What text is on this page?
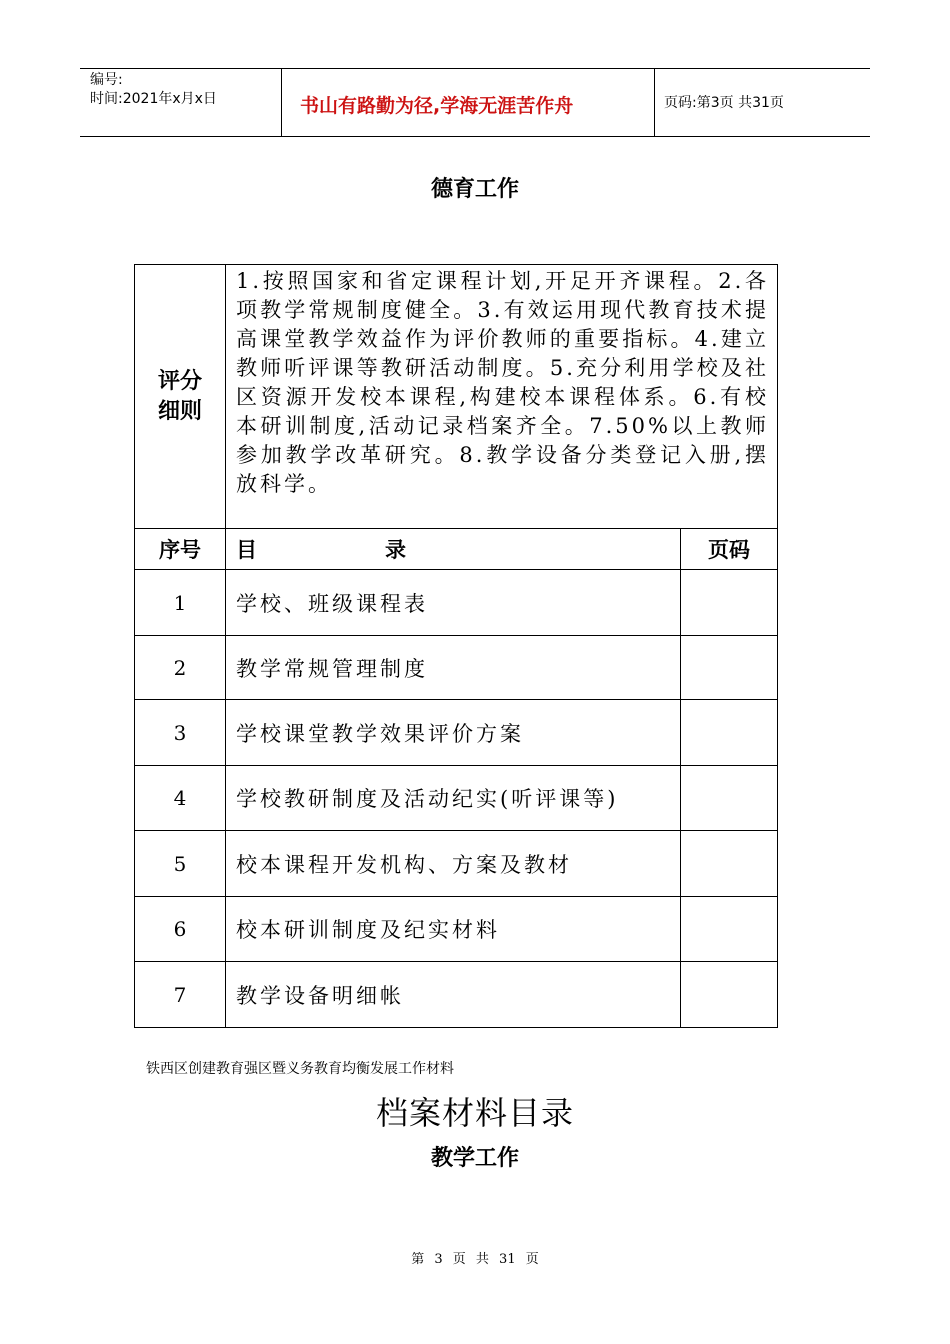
编号:
时间:2021年x月x日	书山有路勤为径,学海无涯苦作舟	页码:第3页 共31页
德育工作
评分
细则	1.按照国家和省定课程计划,开足开齐课程。2.各项教学常规制度健全。3.有效运用现代教育技术提高课堂教学效益作为评价教师的重要指标。4.建立教师听评课等教研活动制度。5.充分利用学校及社区资源开发校本课程,构建校本课程体系。6.有校本研训制度,活动记录档案齐全。7.50%以上教师参加教学改革研究。8.教学设备分类登记入册,摆放科学。	
序号	目 录	页码
1	学校、班级课程表	
2	教学常规管理制度	
3	学校课堂教学效果评价方案	
4	学校教研制度及活动纪实(听评课等)	
5	校本课程开发机构、方案及教材	
6	校本研训制度及纪实材料	
7	教学设备明细帐	
铁西区创建教育强区暨义务教育均衡发展工作材料
档案材料目录
教学工作
第 3 页 共 31 页
